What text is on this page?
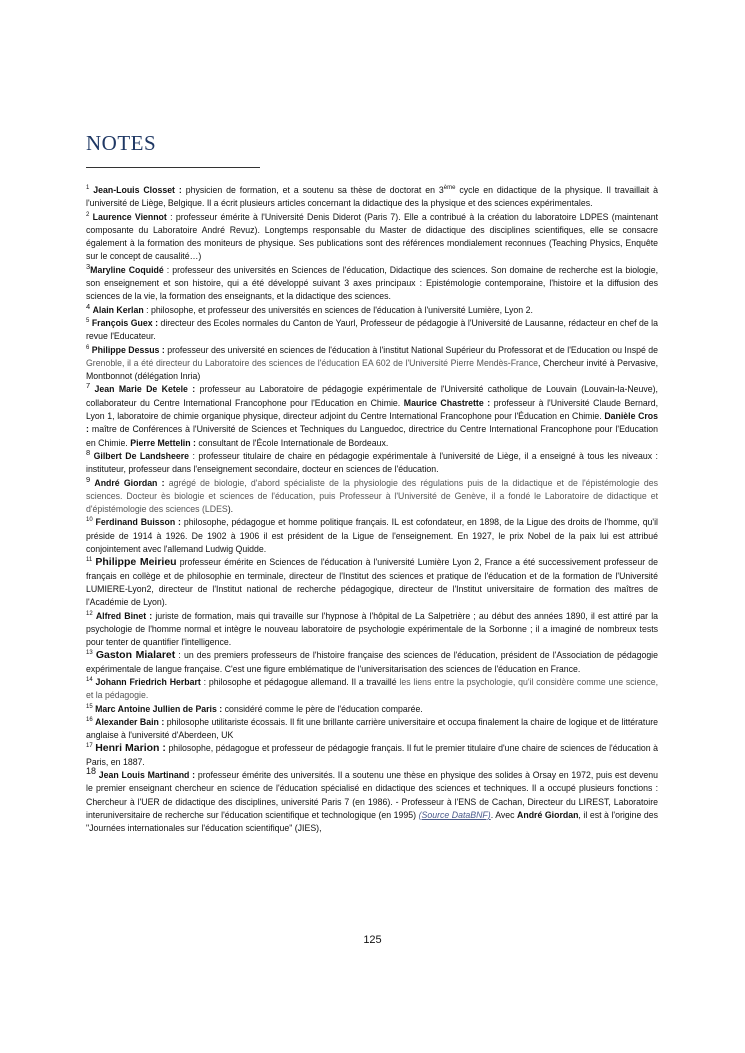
NOTES

$^1$ Jean-Louis Closset : physicien de formation, et a soutenu sa thèse de doctorat en 3ème cycle en didactique de la physique. Il travaillait à l'université de Liège, Belgique. Il a écrit plusieurs articles concernant la didactique des la physique et des sciences expérimentales.

$^2$ Laurence Viennot : professeur émérite à l'Université Denis Diderot (Paris 7). Elle a contribué à la création du laboratoire LDPES (maintenant composante du Laboratoire André Revuz). Longtemps responsable du Master de didactique des disciplines scientifiques, elle se consacre également à la formation des moniteurs de physique. Ses publications sont des références mondialement reconnues (Teaching Physics, Enquête sur le concept de causalité…)

$^3$Maryline Coquidé : professeur des universités en Sciences de l'éducation, Didactique des sciences. Son domaine de recherche est la biologie, son enseignement et son histoire, qui a été développé suivant 3 axes principaux : Epistémologie contemporaine, l'histoire et la diffusion des sciences de la vie, la formation des enseignants, et la didactique des sciences.

$^4$ Alain Kerlan : philosophe, et professeur des universités en sciences de l'éducation à l'université Lumière, Lyon 2.

$^5$ François Guex : directeur des Ecoles normales du Canton de Yaurl, Professeur de pédagogie à l'Université de Lausanne, rédacteur en chef de la revue l'Educateur.

$^6$ Philippe Dessus : professeur des université en sciences de l'éducation à l'institut National Supérieur du Professorat et de l'Education ou Inspé de Grenoble, il a été directeur du Laboratoire des sciences de l'éducation EA 602 de l'Université Pierre Mendès-France, Chercheur invité à Pervasive, Montbonnot (délégation Inria)

$^7$ Jean Marie De Ketele : professeur au Laboratoire de pédagogie expérimentale de l'Université catholique de Louvain (Louvain-la-Neuve), collaborateur du Centre International Francophone pour l'Education en Chimie. Maurice Chastrette : professeur à l'Université Claude Bernard, Lyon 1, laboratoire de chimie organique physique, directeur adjoint du Centre International Francophone pour l'Éducation en Chimie. Danièle Cros : maître de Conférences à l'Université de Sciences et Techniques du Languedoc, directrice du Centre International Francophone pour l'Education en Chimie. Pierre Mettelin : consultant de l'École Internationale de Bordeaux.

$^8$ Gilbert De Landsheere : professeur titulaire de chaire en pédagogie expérimentale à l'université de Liège, il a enseigné à tous les niveaux : instituteur, professeur dans l'enseignement secondaire, docteur en sciences de l'éducation.

$^9$ André Giordan : agrégé de biologie, d'abord spécialiste de la physiologie des régulations puis de la didactique et de l'épistémologie des sciences. Docteur ès biologie et sciences de l'éducation, puis Professeur à l'Université de Genève, il a fondé le Laboratoire de didactique et d'épistémologie des sciences (LDES).

$^{10}$ Ferdinand Buisson : philosophe, pédagogue et homme politique français. IL est cofondateur, en 1898, de la Ligue des droits de l'homme, qu'il préside de 1914 à 1926. De 1902 à 1906 il est président de la Ligue de l'enseignement. En 1927, le prix Nobel de la paix lui est attribué conjointement avec l'allemand Ludwig Quidde.

$^{11}$ Philippe Meirieu professeur émérite en Sciences de l'éducation à l'université Lumière Lyon 2, France a été successivement professeur de français en collège et de philosophie en terminale, directeur de l'Institut des sciences et pratique de l'éducation et de la formation de l'Université LUMIERE-Lyon2, directeur de l'Institut national de recherche pédagogique, directeur de l'Institut universitaire de formation des maîtres de l'Académie de Lyon).

$^{12}$ Alfred Binet : juriste de formation, mais qui travaille sur l'hypnose à l'hôpital de La Salpetrière ; au début des années 1890, il est attiré par la psychologie de l'homme normal et intègre le nouveau laboratoire de psychologie expérimentale de la Sorbonne ; il a imaginé de nombreux tests pour tenter de quantifier l'intelligence.

$^{13}$ Gaston Mialaret : un des premiers professeurs de l'histoire française des sciences de l'éducation, président de l'Association de pédagogie expérimentale de langue française. C'est une figure emblématique de l'universitarisation des sciences de l'éducation en France.

$^{14}$ Johann Friedrich Herbart : philosophe et pédagogue allemand. Il a travaillé les liens entre la psychologie, qu'il considère comme une science, et la pédagogie.

$^{15}$ Marc Antoine Jullien de Paris : considéré comme le père de l'éducation comparée.

$^{16}$ Alexander Bain : philosophe utilitariste écossais. Il fit une brillante carrière universitaire et occupa finalement la chaire de logique et de littérature anglaise à l'université d'Aberdeen, UK

$^{17}$ Henri Marion : philosophe, pédagogue et professeur de pédagogie français. Il fut le premier titulaire d'une chaire de sciences de l'éducation à Paris, en 1887.

$^{18}$ Jean Louis Martinand : professeur émérite des universités. Il a soutenu une thèse en physique des solides à Orsay en 1972, puis est devenu le premier enseignant chercheur en science de l'éducation spécialisé en didactique des sciences et techniques. Il a occupé plusieurs fonctions : Chercheur à l'UER de didactique des disciplines, université Paris 7 (en 1986). - Professeur à l'ENS de Cachan, Directeur du LIREST, Laboratoire interuniversitaire de recherche sur l'éducation scientifique et technologique (en 1995) (Source DataBNF). Avec André Giordan, il est à l'origine des "Journées internationales sur l'éducation scientifique" (JIES),

125
